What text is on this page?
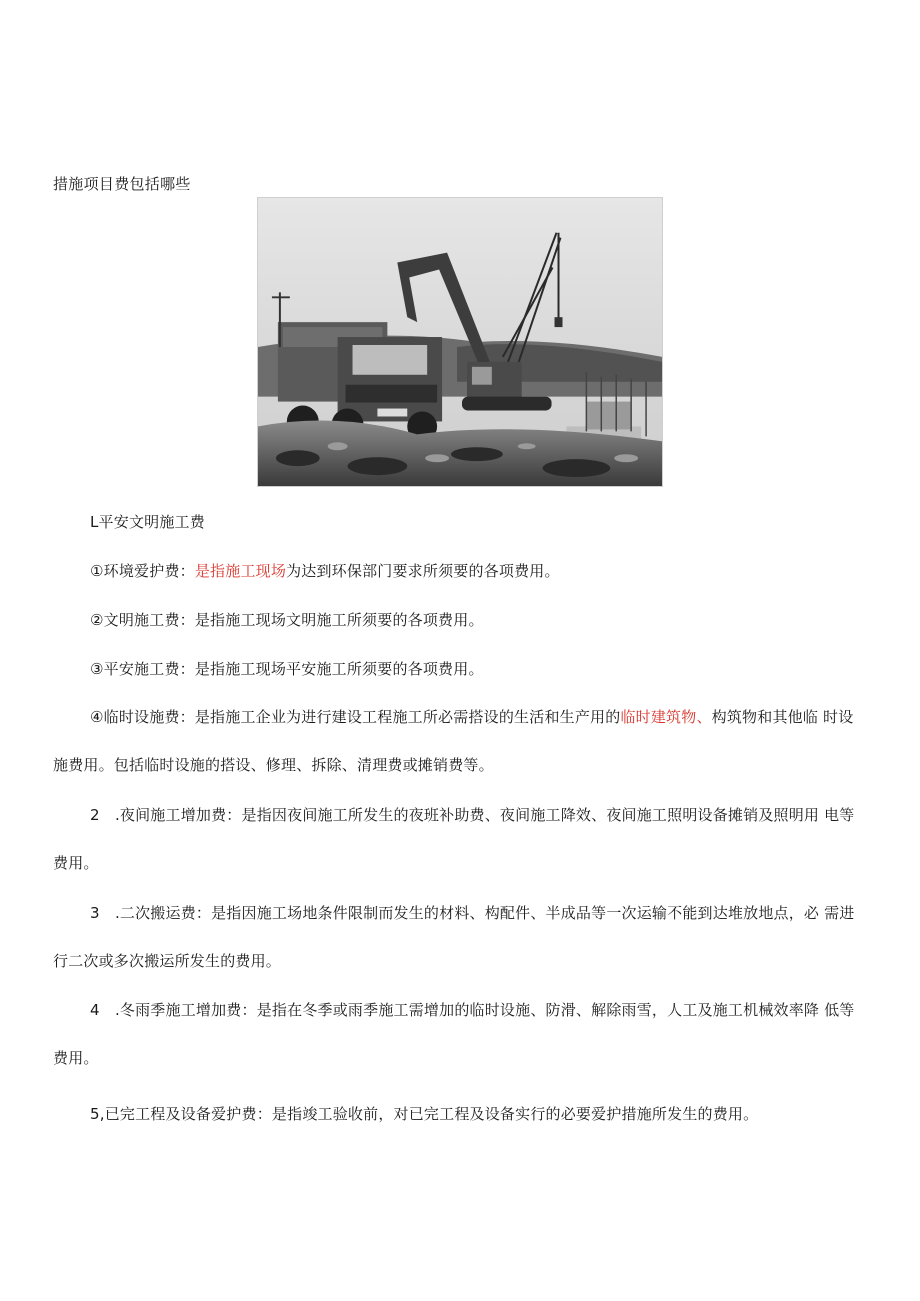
措施项目费包括哪些
L平安文明施工费
①环境爱护费：是指施工现场为达到环保部门要求所须要的各项费用。
②文明施工费：是指施工现场文明施工所须要的各项费用。
③平安施工费：是指施工现场平安施工所须要的各项费用。
④临时设施费：是指施工企业为进行建设工程施工所必需搭设的生活和生产用的临时建筑物、构筑物和其他临 时设
施费用。包括临时设施的搭设、修理、拆除、清理费或摊销费等。
2　.夜间施工增加费：是指因夜间施工所发生的夜班补助费、夜间施工降效、夜间施工照明设备摊销及照明用 电等
费用。
3　.二次搬运费：是指因施工场地条件限制而发生的材料、构配件、半成品等一次运输不能到达堆放地点，必 需进
行二次或多次搬运所发生的费用。
4　.冬雨季施工增加费：是指在冬季或雨季施工需增加的临时设施、防滑、解除雨雪，人工及施工机械效率降 低等
费用。
5,已完工程及设备爱护费：是指竣工验收前，对已完工程及设备实行的必要爱护措施所发生的费用。
